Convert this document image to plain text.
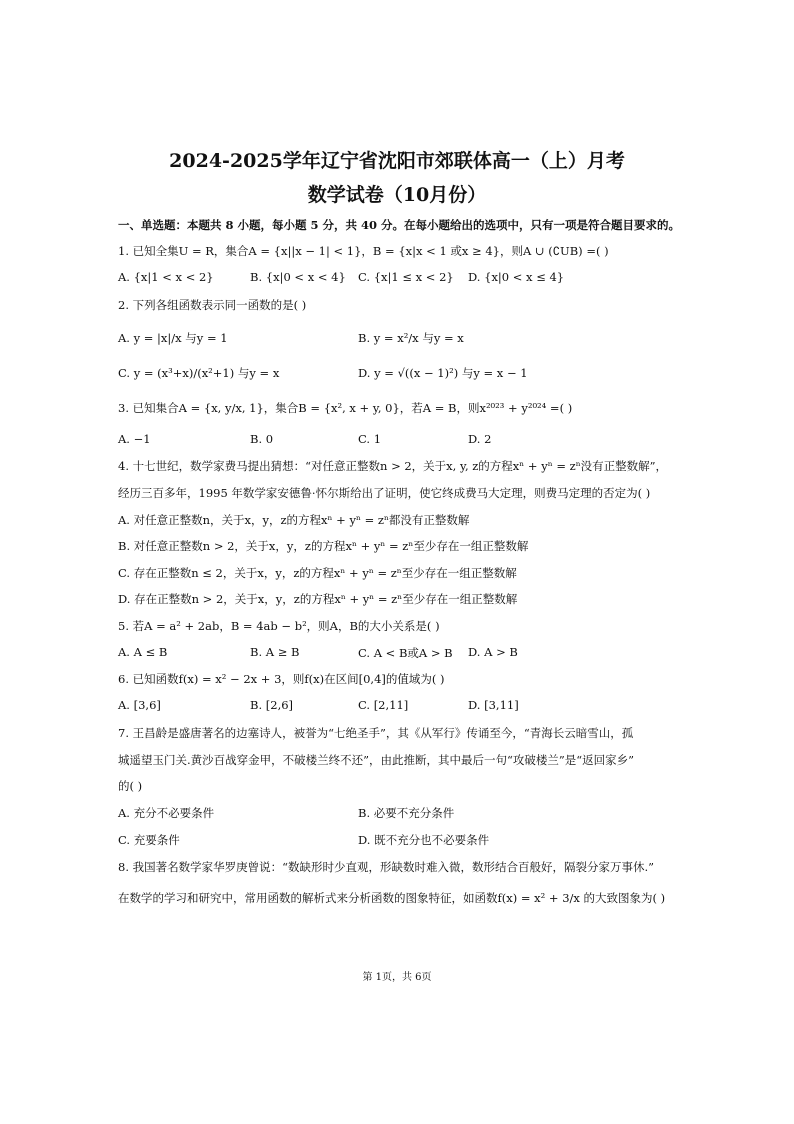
2024-2025学年辽宁省沈阳市郊联体高一（上）月考
数学试卷（10月份）
一、单选题：本题共 8 小题，每小题 5 分，共 40 分。在每小题给出的选项中，只有一项是符合题目要求的。
1. 已知全集U = R，集合A = {x||x − 1| < 1}，B = {x|x < 1 或x ≥ 4}，则A ∪ (∁UB) =( )
A. {x|1 < x < 2}	B. {x|0 < x < 4} C. {x|1 ≤ x < 2} D. {x|0 < x ≤ 4}
2. 下列各组函数表示同一函数的是( )
A. y = |x|/x 与y = 1	B. y = x²/x 与y = x
C. y = (x³+x)/(x²+1) 与y = x	D. y = √((x − 1)²) 与y = x − 1
3. 已知集合A = {x, y/x, 1}，集合B = {x², x + y, 0}，若A = B，则x²⁰²³ + y²⁰²⁴ =( )
A. −1	B. 0	C. 1	D. 2
4. 十七世纪，数学家费马提出猜想：“对任意正整数n > 2，关于x, y, z的方程xⁿ + yⁿ = zⁿ没有正整数解”，
经历三百多年，1995 年数学家安德鲁·怀尔斯给出了证明，使它终成费马大定理，则费马定理的否定为( )
A. 对任意正整数n，关于x，y，z的方程xⁿ + yⁿ = zⁿ都没有正整数解
B. 对任意正整数n > 2，关于x，y，z的方程xⁿ + yⁿ = zⁿ至少存在一组正整数解
C. 存在正整数n ≤ 2，关于x，y，z的方程xⁿ + yⁿ = zⁿ至少存在一组正整数解
D. 存在正整数n > 2，关于x，y，z的方程xⁿ + yⁿ = zⁿ至少存在一组正整数解
5. 若A = a² + 2ab，B = 4ab − b²，则A，B的大小关系是( )
A. A ≤ B	B. A ≥ B	C. A < B或A > B D. A > B
6. 已知函数f(x) = x² − 2x + 3，则f(x)在区间[0,4]的值域为( )
A. [3,6]	B. [2,6]	C. [2,11]	D. [3,11]
7. 王昌龄是盛唐著名的边塞诗人，被誉为“七绝圣手”，其《从军行》传诵至今，“青海长云暗雪山，孤
城遥望玉门关.黄沙百战穿金甲，不破楼兰终不还”，由此推断，其中最后一句“攻破楼兰”是“返回家乡”
的( )
A. 充分不必要条件	B. 必要不充分条件
C. 充要条件	D. 既不充分也不必要条件
8. 我国著名数学家华罗庚曾说：“数缺形时少直观，形缺数时难入微，数形结合百般好，隔裂分家万事休.”
在数学的学习和研究中，常用函数的解析式来分析函数的图象特征，如函数f(x) = x² + 3/x 的大致图象为( )
第 1页，共 6页
